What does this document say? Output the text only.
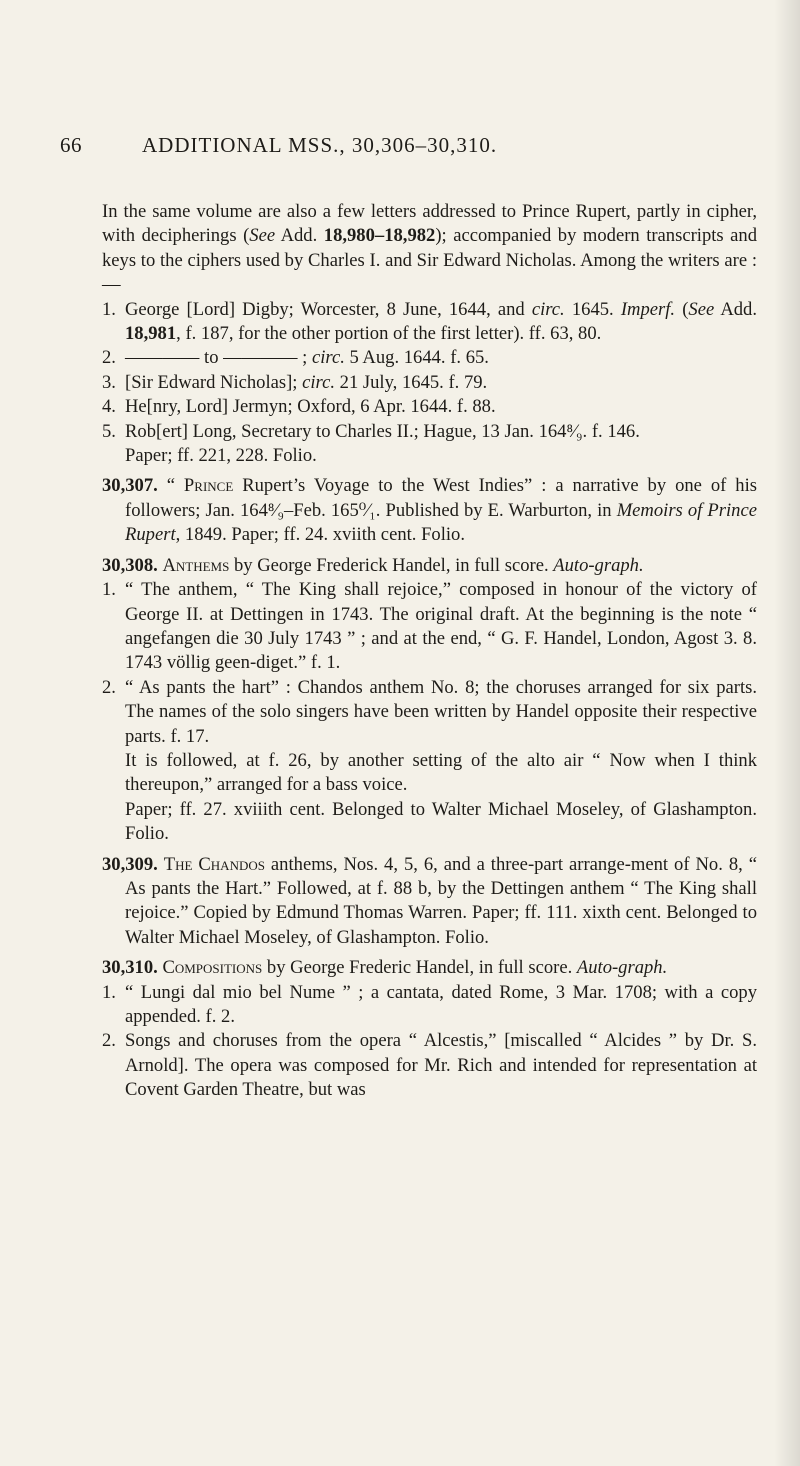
66	ADDITIONAL MSS., 30,306–30,310.

In the same volume are also a few letters addressed to Prince Rupert, partly in cipher, with decipherings (See Add. 18,980–18,982); accompanied by modern transcripts and keys to the ciphers used by Charles I. and Sir Edward Nicholas. Among the writers are :—

1. George [Lord] Digby; Worcester, 8 June, 1644, and circ. 1645. Imperf. (See Add. 18,981, f. 187, for the other portion of the first letter). ff. 63, 80.

2. ———— to ———— ; circ. 5 Aug. 1644. f. 65.

3. [Sir Edward Nicholas]; circ. 21 July, 1645. f. 79.

4. He[nry, Lord] Jermyn; Oxford, 6 Apr. 1644. f. 88.

5. Rob[ert] Long, Secretary to Charles II.; Hague, 13 Jan. 164⁸⁄₉. f. 146.

Paper; ff. 221, 228. Folio.

30,307. “ Prince Rupert’s Voyage to the West Indies” : a narrative by one of his followers; Jan. 164⁸⁄₉–Feb. 165⁰⁄₁. Published by E. Warburton, in Memoirs of Prince Rupert, 1849. Paper; ff. 24. xviith cent. Folio.

30,308. Anthems by George Frederick Handel, in full score. Auto-graph.

1. “ The anthem, “ The King shall rejoice,” composed in honour of the victory of George II. at Dettingen in 1743. The original draft. At the beginning is the note “ angefangen die 30 July 1743 ” ; and at the end, “ G. F. Handel, London, Agost 3. 8. 1743 völlig geen-diget.” f. 1.

2. “ As pants the hart” : Chandos anthem No. 8; the choruses arranged for six parts. The names of the solo singers have been written by Handel opposite their respective parts. f. 17.

It is followed, at f. 26, by another setting of the alto air “ Now when I think thereupon,” arranged for a bass voice.

Paper; ff. 27. xviiith cent. Belonged to Walter Michael Moseley, of Glashampton. Folio.

30,309. The Chandos anthems, Nos. 4, 5, 6, and a three-part arrange-ment of No. 8, “ As pants the Hart.” Followed, at f. 88 b, by the Dettingen anthem “ The King shall rejoice.” Copied by Edmund Thomas Warren. Paper; ff. 111. xixth cent. Belonged to Walter Michael Moseley, of Glashampton. Folio.

30,310. Compositions by George Frederic Handel, in full score. Auto-graph.

1. “ Lungi dal mio bel Nume ” ; a cantata, dated Rome, 3 Mar. 1708; with a copy appended. f. 2.

2. Songs and choruses from the opera “ Alcestis,” [miscalled “ Alcides ” by Dr. S. Arnold]. The opera was composed for Mr. Rich and intended for representation at Covent Garden Theatre, but was
